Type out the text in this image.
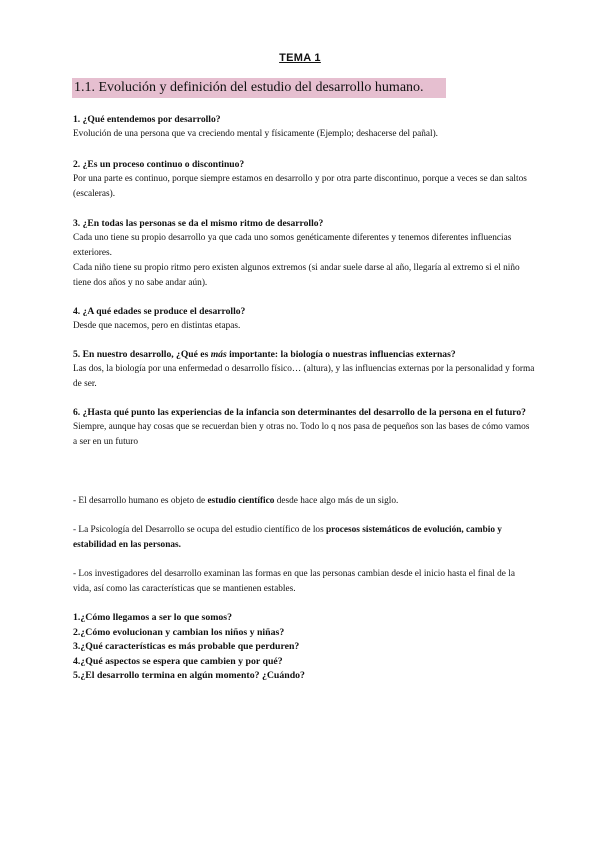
TEMA 1
1.1. Evolución y definición del estudio del desarrollo humano.
1. ¿Qué entendemos por desarrollo?
Evolución de una persona que va creciendo mental y físicamente (Ejemplo; deshacerse del pañal).
2. ¿Es un proceso continuo o discontinuo?
Por una parte es continuo, porque siempre estamos en desarrollo y por otra parte discontinuo, porque a veces se dan saltos (escaleras).
3. ¿En todas las personas se da el mismo ritmo de desarrollo?
Cada uno tiene su propio desarrollo ya que cada uno somos genéticamente diferentes y tenemos diferentes influencias exteriores.
Cada niño tiene su propio ritmo pero existen algunos extremos (si andar suele darse al año, llegaría al extremo si el niño tiene dos años y no sabe andar aún).
4. ¿A qué edades se produce el desarrollo?
Desde que nacemos, pero en distintas etapas.
5. En nuestro desarrollo, ¿Qué es más importante: la biología o nuestras influencias externas?
Las dos, la biología por una enfermedad o desarrollo físico… (altura), y las influencias externas por la personalidad y forma de ser.
6. ¿Hasta qué punto las experiencias de la infancia son determinantes del desarrollo de la persona en el futuro?
Siempre, aunque hay cosas que se recuerdan bien y otras no. Todo lo q nos pasa de pequeños son las bases de cómo vamos a ser en un futuro
- El desarrollo humano es objeto de estudio científico desde hace algo más de un siglo.
- La Psicología del Desarrollo se ocupa del estudio científico de los procesos sistemáticos de evolución, cambio y estabilidad en las personas.
- Los investigadores del desarrollo examinan las formas en que las personas cambian desde el inicio hasta el final de la vida, así como las características que se mantienen estables.
1.¿Cómo llegamos a ser lo que somos?
2.¿Cómo evolucionan y cambian los niños y niñas?
3.¿Qué características es más probable que perduren?
4.¿Qué aspectos se espera que cambien y por qué?
5.¿El desarrollo termina en algún momento? ¿Cuándo?
